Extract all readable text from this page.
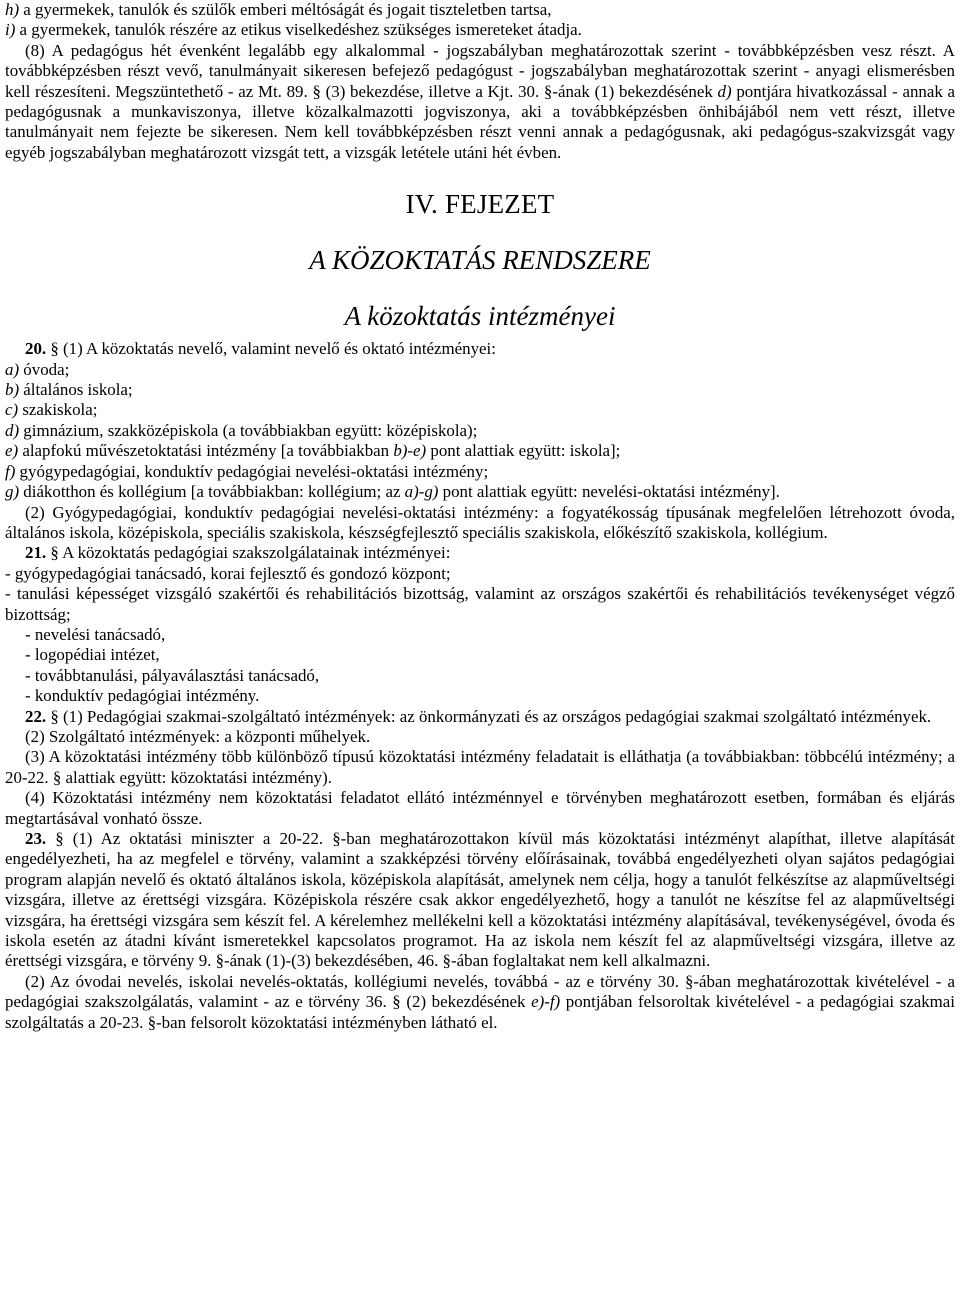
h) a gyermekek, tanulók és szülők emberi méltóságát és jogait tiszteletben tartsa,

i) a gyermekek, tanulók részére az etikus viselkedéshez szükséges ismereteket átadja.

(8) A pedagógus hét évenként legalább egy alkalommal - jogszabályban meghatározottak szerint - továbbképzésben vesz részt. A továbbképzésben részt vevő, tanulmányait sikeresen befejező pedagógust - jogszabályban meghatározottak szerint - anyagi elismerésben kell részesíteni. Megszüntethető - az Mt. 89. § (3) bekezdése, illetve a Kjt. 30. §-ának (1) bekezdésének d) pontjára hivatkozással - annak a pedagógusnak a munkaviszonya, illetve közalkalmazotti jogviszonya, aki a továbbképzésben önhibájából nem vett részt, illetve tanulmányait nem fejezte be sikeresen. Nem kell továbbképzésben részt venni annak a pedagógusnak, aki pedagógus-szakvizsgát vagy egyéb jogszabályban meghatározott vizsgát tett, a vizsgák letétele utáni hét évben.

IV. FEJEZET
A KÖZOKTATÁS RENDSZERE
A közoktatás intézményei

20. § (1) A közoktatás nevelő, valamint nevelő és oktató intézményei:

a) óvoda;

b) általános iskola;

c) szakiskola;

d) gimnázium, szakközépiskola (a továbbiakban együtt: középiskola);

e) alapfokú művészetoktatási intézmény [a továbbiakban b)-e) pont alattiak együtt: iskola];

f) gyógypedagógiai, konduktív pedagógiai nevelési-oktatási intézmény;

g) diákotthon és kollégium [a továbbiakban: kollégium; az a)-g) pont alattiak együtt: nevelési-oktatási intézmény].

(2) Gyógypedagógiai, konduktív pedagógiai nevelési-oktatási intézmény: a fogyatékosság típusának megfelelően létrehozott óvoda, általános iskola, középiskola, speciális szakiskola, készségfejlesztő speciális szakiskola, előkészítő szakiskola, kollégium.

21. § A közoktatás pedagógiai szakszolgálatainak intézményei:

- gyógypedagógiai tanácsadó, korai fejlesztő és gondozó központ;

- tanulási képességet vizsgáló szakértői és rehabilitációs bizottság, valamint az országos szakértői és rehabilitációs tevékenységet végző bizottság;

- nevelési tanácsadó,

- logopédiai intézet,

- továbbtanulási, pályaválasztási tanácsadó,

- konduktív pedagógiai intézmény.

22. § (1) Pedagógiai szakmai-szolgáltató intézmények: az önkormányzati és az országos pedagógiai szakmai szolgáltató intézmények.

(2) Szolgáltató intézmények: a központi műhelyek.

(3) A közoktatási intézmény több különböző típusú közoktatási intézmény feladatait is elláthatja (a továbbiakban: többcélú intézmény; a 20-22. § alattiak együtt: közoktatási intézmény).

(4) Közoktatási intézmény nem közoktatási feladatot ellátó intézménnyel e törvényben meghatározott esetben, formában és eljárás megtartásával vonható össze.

23. § (1) Az oktatási miniszter a 20-22. §-ban meghatározottakon kívül más közoktatási intézményt alapíthat, illetve alapítását engedélyezheti, ha az megfelel e törvény, valamint a szakképzési törvény előírásainak, továbbá engedélyezheti olyan sajátos pedagógiai program alapján nevelő és oktató általános iskola, középiskola alapítását, amelynek nem célja, hogy a tanulót felkészítse az alapműveltségi vizsgára, illetve az érettségi vizsgára. Középiskola részére csak akkor engedélyezhető, hogy a tanulót ne készítse fel az alapműveltségi vizsgára, ha érettségi vizsgára sem készít fel. A kérelemhez mellékelni kell a közoktatási intézmény alapításával, tevékenységével, óvoda és iskola esetén az átadni kívánt ismeretekkel kapcsolatos programot. Ha az iskola nem készít fel az alapműveltségi vizsgára, illetve az érettségi vizsgára, e törvény 9. §-ának (1)-(3) bekezdésében, 46. §-ában foglaltakat nem kell alkalmazni.

(2) Az óvodai nevelés, iskolai nevelés-oktatás, kollégiumi nevelés, továbbá - az e törvény 30. §-ában meghatározottak kivételével - a pedagógiai szakszolgálatás, valamint - az e törvény 36. § (2) bekezdésének e)-f) pontjában felsoroltak kivételével - a pedagógiai szakmai szolgáltatás a 20-23. §-ban felsorolt közoktatási intézményben látható el.
